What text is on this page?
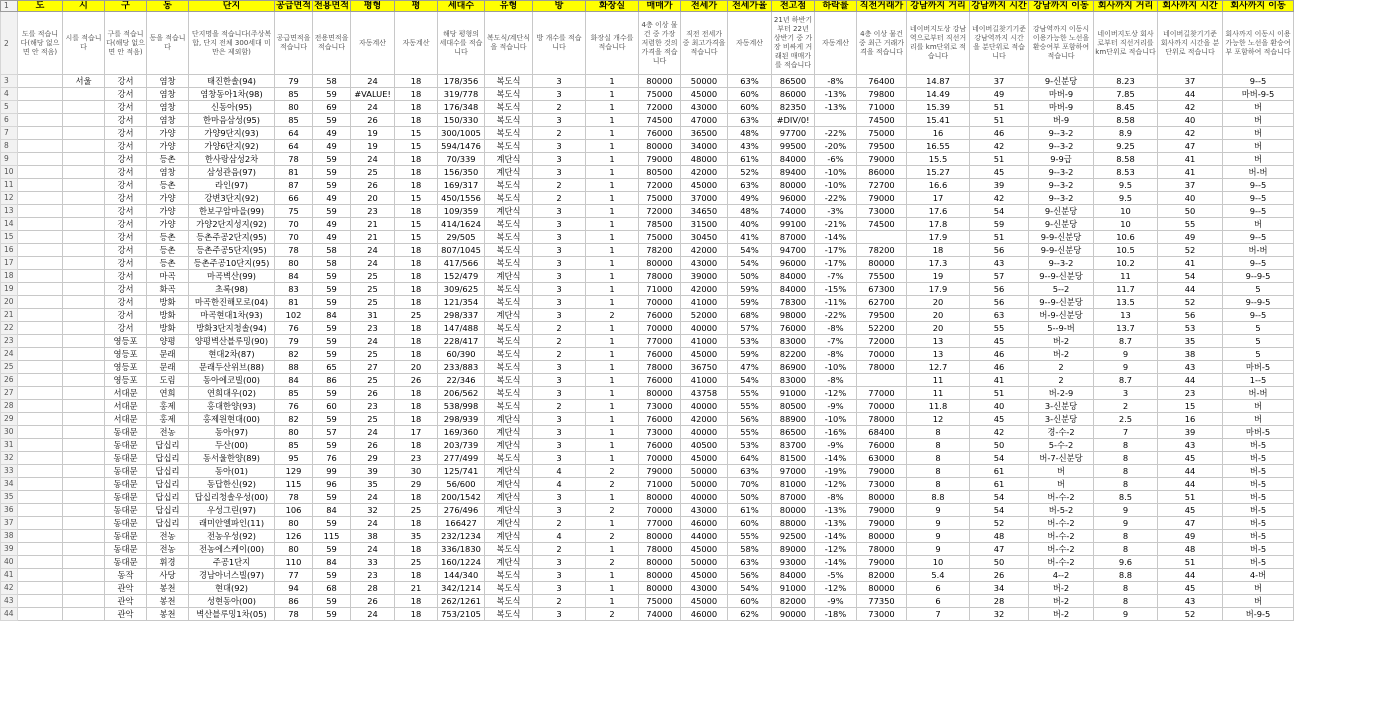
1	도	시	구	동	단지	공급면적	전용면적	평형	평	세대수	유형	방	화장실	매매가	전세가	전세가율	전고점	하락률	직전거래가	강남까지 거리	강남까지 시간	강남까지 이동	회사까지 거리	회사까지 시간	회사까지 이동
2	도를 적습니다(해당 없으면 안 적음)	시를 적습니다	구를 적습니다(해당 없으면 안 적음)	동을 적습니다	단지명을 적습니다(주상복합, 단지 전체 300세대 미만은 제외함)	공급면적을 적습니다	전용면적을 적습니다	자동계산	자동계산	해당 평형의 세대수를 적습니다	복도식/계단식을 적습니다	방 개수를 적습니다	화장실 개수를 적습니다	4층 이상 물건 중 가장 저렴한 것의 가격을 적습니다	직전 전세가 중 최고가격을 적습니다	자동계산	21년 하반기부터 22년 상반기 중 가장 비싸게 거래된 매매가를 적습니다	자동계산	4층 이상 물건 중 최근 거래가격을 적습니다	네이버지도상 강남역으로부터 직선거리를 km단위로 적습니다	네이버길찾기기준 강남역까지 시간을 분단위로 적습니다	강남역까지 이동시 이용가능한 노선을 환승여부 포함하여 적습니다	네이버지도상 회사로부터 직선거리를 km단위로 적습니다	네이버길찾기기준 회사까지 시간을 분단위로 적습니다	회사까지 이동시 이용가능한 노선을 환승여부 포함하여 적습니다
3		서울	강서	염창	태진한솔(94)	79	58	24	18	178/356	복도식	3	1	80000	50000	63%	86500	-8%	76400	14.87	37	9-신분당	8.23	37	9--5
4			강서	염창	염창동아1차(98)	85	59	#VALUE!	18	319/778	복도식	3	1	75000	45000	60%	86000	-13%	79800	14.49	49	마버-9	7.85	44	마버-9-5
5			강서	염창	신동아(95)	80	69	24	18	176/348	복도식	2	1	72000	43000	60%	82350	-13%	71000	15.39	51	마버-9	8.45	42	버
6			강서	염창	한마음삼성(95)	85	59	26	18	150/330	복도식	3	1	74500	47000	63%	#DIV/0!		74500	15.41	51	버-9	8.58	40	버
7			강서	가양	가양9단지(93)	64	49	19	15	300/1005	복도식	2	1	76000	36500	48%	97700	-22%	75000	16	46	9--3-2	8.9	42	버
8			강서	가양	가양6단지(92)	64	49	19	15	594/1476	복도식	3	1	80000	34000	43%	99500	-20%	79500	16.55	42	9--3-2	9.25	47	버
9			강서	등촌	한사랑삼성2차	78	59	24	18	70/339	계단식	3	1	79000	48000	61%	84000	-6%	79000	15.5	51	9-9급	8.58	41	버
10			강서	염창	삼성관음(97)	81	59	25	18	156/350	계단식	3	1	80500	42000	52%	89400	-10%	86000	15.27	45	9--3-2	8.53	41	버-버
11			강서	등촌	라인(97)	87	59	26	18	169/317	복도식	2	1	72000	45000	63%	80000	-10%	72700	16.6	39	9--3-2	9.5	37	9--5
12			강서	가양	강변3단지(92)	66	49	20	15	450/1556	복도식	2	1	75000	37000	49%	96000	-22%	79000	17	42	9--3-2	9.5	40	9--5
13			강서	가양	한보구암마을(99)	75	59	23	18	109/359	계단식	3	1	72000	34650	48%	74000	-3%	73000	17.6	54	9-신분당	10	50	9--5
14			강서	가양	가양2단지성지(92)	70	49	21	15	414/1624	복도식	3	1	78500	31500	40%	99100	-21%	74500	17.8	59	9-신분당	10	55	버
15			강서	등촌	등촌주공2단지(95)	70	49	21	15	29/505	복도식	3	1	75000	30450	41%	87000	-14%		17.9	51	9-9-신분당	10.6	49	9--5
16			강서	등촌	등촌주공5단지(95)	78	58	24	18	807/1045	복도식	3	1	78200	42000	54%	94700	-17%	78200	18	56	9-9-신분당	10.5	52	버-버
17			강서	등촌	등촌주공10단지(95)	80	58	24	18	417/566	복도식	3	1	80000	43000	54%	96000	-17%	80000	17.3	43	9--3-2	10.2	41	9--5
18			강서	마곡	마곡벽산(99)	84	59	25	18	152/479	계단식	3	1	78000	39000	50%	84000	-7%	75500	19	57	9--9-신분당	11	54	9--9-5
19			강서	화곡	초록(98)	83	59	25	18	309/625	복도식	3	1	71000	42000	59%	84000	-15%	67300	17.9	56	5--2	11.7	44	5
20			강서	방화	마곡한진해모로(04)	81	59	25	18	121/354	복도식	3	1	70000	41000	59%	78300	-11%	62700	20	56	9--9-신분당	13.5	52	9--9-5
21			강서	방화	마곡현대1차(93)	102	84	31	25	298/337	계단식	3	2	76000	52000	68%	98000	-22%	79500	20	63	버-9-신분당	13	56	9--5
22			강서	방화	방화3단지청솔(94)	76	59	23	18	147/488	복도식	2	1	70000	40000	57%	76000	-8%	52200	20	55	5--9-버	13.7	53	5
23			영등포	양평	양평벽산블루밍(90)	79	59	24	18	228/417	복도식	2	1	77000	41000	53%	83000	-7%	72000	13	45	버-2	8.7	35	5
24			영등포	문래	현대2차(87)	82	59	25	18	60/390	복도식	2	1	76000	45000	59%	82200	-8%	70000	13	46	버-2	9	38	5
25			영등포	문래	문래두산위브(88)	88	65	27	20	233/883	복도식	3	1	78000	36750	47%	86900	-10%	78000	12.7	46	2	9	43	마버-5
26			영등포	도림	동아에코빌(00)	84	86	25	26	22/346	복도식	3	1	76000	41000	54%	83000	-8%		11	41	2	8.7	44	1--5
27			서대문	연희	연희대우(02)	85	59	26	18	206/562	복도식	3	1	80000	43758	55%	91000	-12%	77000	11	51	버-2-9	3	23	버-버
28			서대문	홍제	홍대한양(93)	76	60	23	18	538/998	복도식	2	1	73000	40000	55%	80500	-9%	70000	11.8	40	3-신분당	2	15	버
29			서대문	홍제	홍제원현대(00)	82	59	25	18	298/939	계단식	3	1	76000	42000	56%	88900	-10%	78000	12	45	3-신분당	2.5	16	버
30			동대문	전농	동아(97)	80	57	24	17	169/360	계단식	3	1	73000	40000	55%	86500	-16%	68400	8	42	경-수-2	7	39	마버-5
31			동대문	답십리	두산(00)	85	59	26	18	203/739	계단식	3	1	76000	40500	53%	83700	-9%	76000	8	50	5-수-2	8	43	버-5
32			동대문	답십리	동서울한양(89)	95	76	29	23	277/499	복도식	3	1	70000	45000	64%	81500	-14%	63000	8	54	버-7-신분당	8	45	버-5
33			동대문	답십리	동아(01)	129	99	39	30	125/741	계단식	4	2	79000	50000	63%	97000	-19%	79000	8	61	버	8	44	버-5
34			동대문	답십리	동답한신(92)	115	96	35	29	56/600	계단식	4	2	71000	50000	70%	81000	-12%	73000	8	61	버	8	44	버-5
35			동대문	답십리	답십리청솔우성(00)	78	59	24	18	200/1542	계단식	3	1	80000	40000	50%	87000	-8%	80000	8.8	54	버-수-2	8.5	51	버-5
36			동대문	답십리	우성그린(97)	106	84	32	25	276/496	계단식	3	2	70000	43000	61%	80000	-13%	79000	9	54	버-5-2	9	45	버-5
37			동대문	답십리	래미안엘파인(11)	80	59	24	18	166427	계단식	2	1	77000	46000	60%	88000	-13%	79000	9	52	버-수-2	9	47	버-5
38			동대문	전농	전농우성(92)	126	115	38	35	232/1234	계단식	4	2	80000	44000	55%	92500	-14%	80000	9	48	버-수-2	8	49	버-5
39			동대문	전농	전농에스케이(00)	80	59	24	18	336/1830	복도식	2	1	78000	45000	58%	89000	-12%	78000	9	47	버-수-2	8	48	버-5
40			동대문	휘경	주공1단지	110	84	33	25	160/1224	계단식	3	2	80000	50000	63%	93000	-14%	79000	10	50	버-수-2	9.6	51	버-5
41			동작	사당	경남아너스빌(97)	77	59	23	18	144/340	복도식	3	1	80000	45000	56%	84000	-5%	82000	5.4	26	4--2	8.8	44	4-버
42			관악	봉천	현대(92)	94	68	28	21	342/1214	복도식	3	1	80000	43000	54%	91000	-12%	80000	6	34	버-2	8	45	버
43			관악	봉천	성현동아(00)	86	59	26	18	262/1261	복도식	2	1	75000	45000	60%	82000	-9%	77350	6	28	버-2	8	43	버
44			관악	봉천	벽산블루밍1차(05)	78	59	24	18	753/2105	복도식	3	2	74000	46000	62%	90000	-18%	73000	7	32	버-2	9	52	버-9-5
